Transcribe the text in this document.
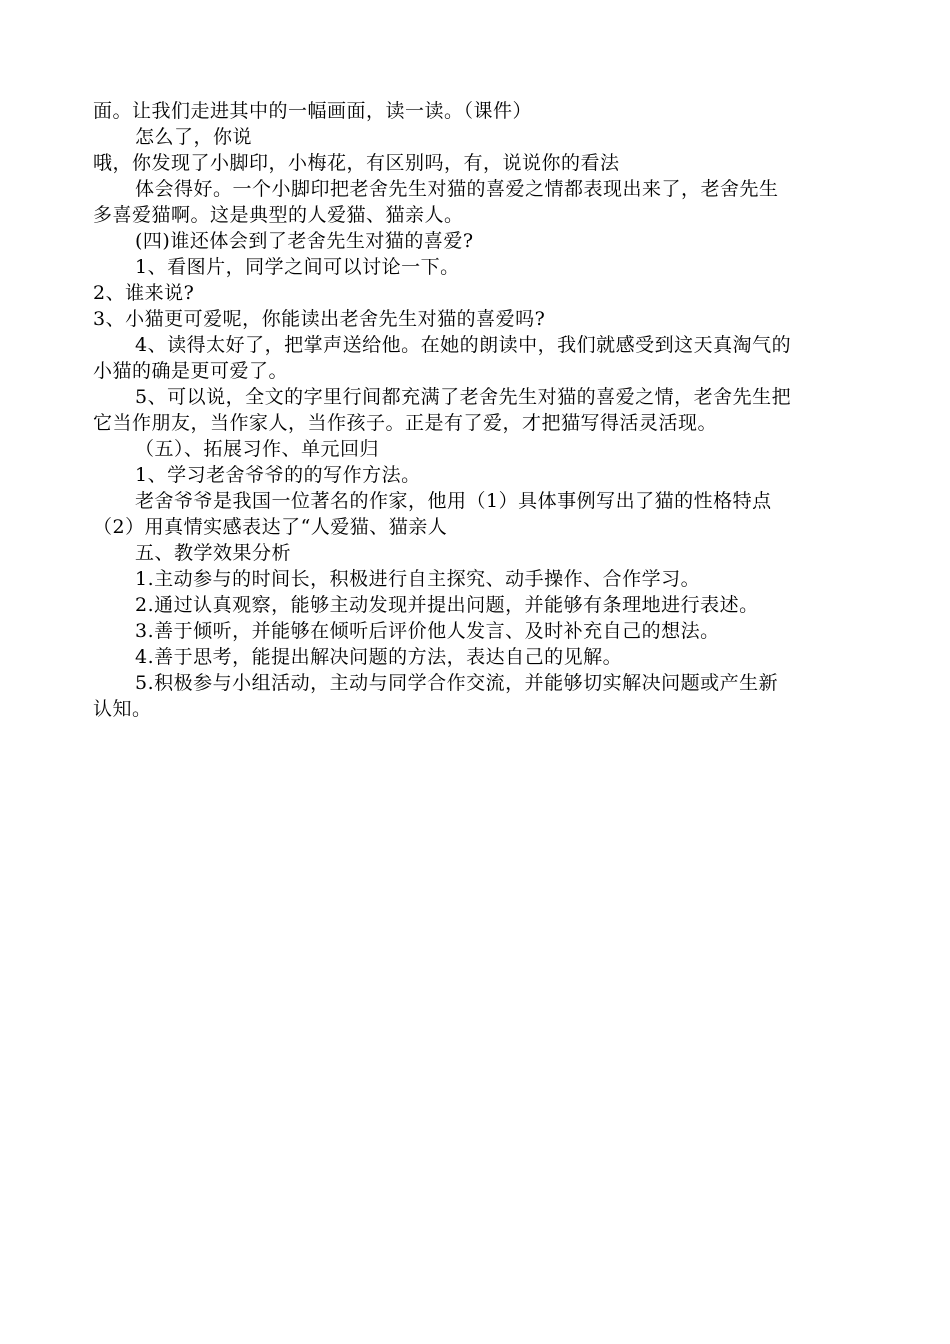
面。让我们走进其中的一幅画面，读一读。（课件）
怎么了，你说
哦，你发现了小脚印，小梅花，有区别吗，有，说说你的看法
体会得好。一个小脚印把老舍先生对猫的喜爱之情都表现出来了，老舍先生
多喜爱猫啊。这是典型的人爱猫、猫亲人。
(四)谁还体会到了老舍先生对猫的喜爱?
1、看图片，同学之间可以讨论一下。
2、谁来说?
3、小猫更可爱呢，你能读出老舍先生对猫的喜爱吗?
4、读得太好了，把掌声送给他。在她的朗读中，我们就感受到这天真淘气的
小猫的确是更可爱了。
5、可以说，全文的字里行间都充满了老舍先生对猫的喜爱之情，老舍先生把
它当作朋友，当作家人，当作孩子。正是有了爱，才把猫写得活灵活现。
（五）、拓展习作、单元回归
1、学习老舍爷爷的的写作方法。
老舍爷爷是我国一位著名的作家，他用（1）具体事例写出了猫的性格特点
（2）用真情实感表达了“人爱猫、猫亲人
五、教学效果分析
1.主动参与的时间长，积极进行自主探究、动手操作、合作学习。
2.通过认真观察，能够主动发现并提出问题，并能够有条理地进行表述。
3.善于倾听，并能够在倾听后评价他人发言、及时补充自己的想法。
4.善于思考，能提出解决问题的方法，表达自己的见解。
5.积极参与小组活动，主动与同学合作交流，并能够切实解决问题或产生新
认知。
